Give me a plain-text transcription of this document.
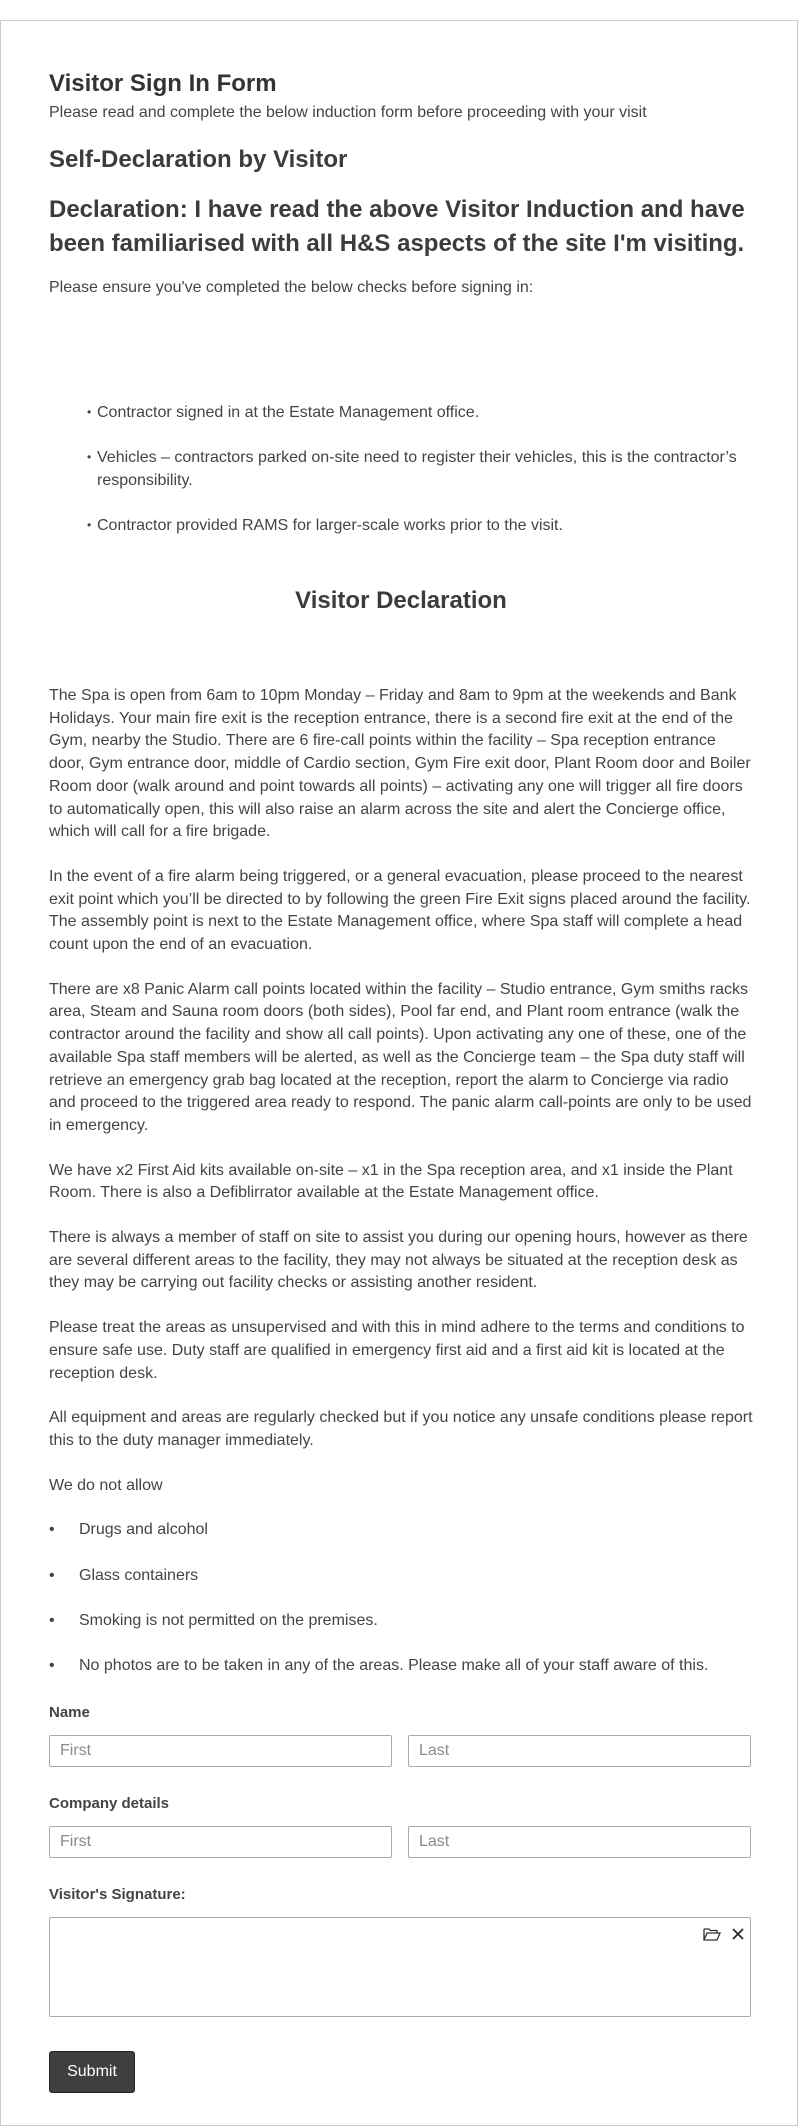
Visitor Sign In Form

Please read and complete the below induction form before proceeding with your visit

Self-Declaration by Visitor
Declaration: I have read the above Visitor Induction and have been familiarised with all H&S aspects of the site I'm visiting.

Please ensure you've completed the below checks before signing in:

• Contractor signed in at the Estate Management office.
• Vehicles – contractors parked on-site need to register their vehicles, this is the contractor’s responsibility.
• Contractor provided RAMS for larger-scale works prior to the visit.
Visitor Declaration

The Spa is open from 6am to 10pm Monday – Friday and 8am to 9pm at the weekends and Bank Holidays. Your main fire exit is the reception entrance, there is a second fire exit at the end of the Gym, nearby the Studio. There are 6 fire-call points within the facility – Spa reception entrance door, Gym entrance door, middle of Cardio section, Gym Fire exit door, Plant Room door and Boiler Room door (walk around and point towards all points) – activating any one will trigger all fire doors to automatically open, this will also raise an alarm across the site and alert the Concierge office, which will call for a fire brigade.

In the event of a fire alarm being triggered, or a general evacuation, please proceed to the nearest exit point which you’ll be directed to by following the green Fire Exit signs placed around the facility. The assembly point is next to the Estate Management office, where Spa staff will complete a head count upon the end of an evacuation.

There are x8 Panic Alarm call points located within the facility – Studio entrance, Gym smiths racks area, Steam and Sauna room doors (both sides), Pool far end, and Plant room entrance (walk the contractor around the facility and show all call points). Upon activating any one of these, one of the available Spa staff members will be alerted, as well as the Concierge team – the Spa duty staff will retrieve an emergency grab bag located at the reception, report the alarm to Concierge via radio and proceed to the triggered area ready to respond. The panic alarm call-points are only to be used in emergency.

We have x2 First Aid kits available on-site – x1 in the Spa reception area, and x1 inside the Plant Room. There is also a Defiblirrator available at the Estate Management office.

There is always a member of staff on site to assist you during our opening hours, however as there are several different areas to the facility, they may not always be situated at the reception desk as they may be carrying out facility checks or assisting another resident.

Please treat the areas as unsupervised and with this in mind adhere to the terms and conditions to ensure safe use. Duty staff are qualified in emergency first aid and a first aid kit is located at the reception desk.

All equipment and areas are regularly checked but if you notice any unsafe conditions please report this to the duty manager immediately.

We do not allow

• Drugs and alcohol
• Glass containers
• Smoking is not permitted on the premises.
• No photos are to be taken in any of the areas. Please make all of your staff aware of this.
Name
First
Last
Company details
First
Last
Visitor's Signature:
Submit
